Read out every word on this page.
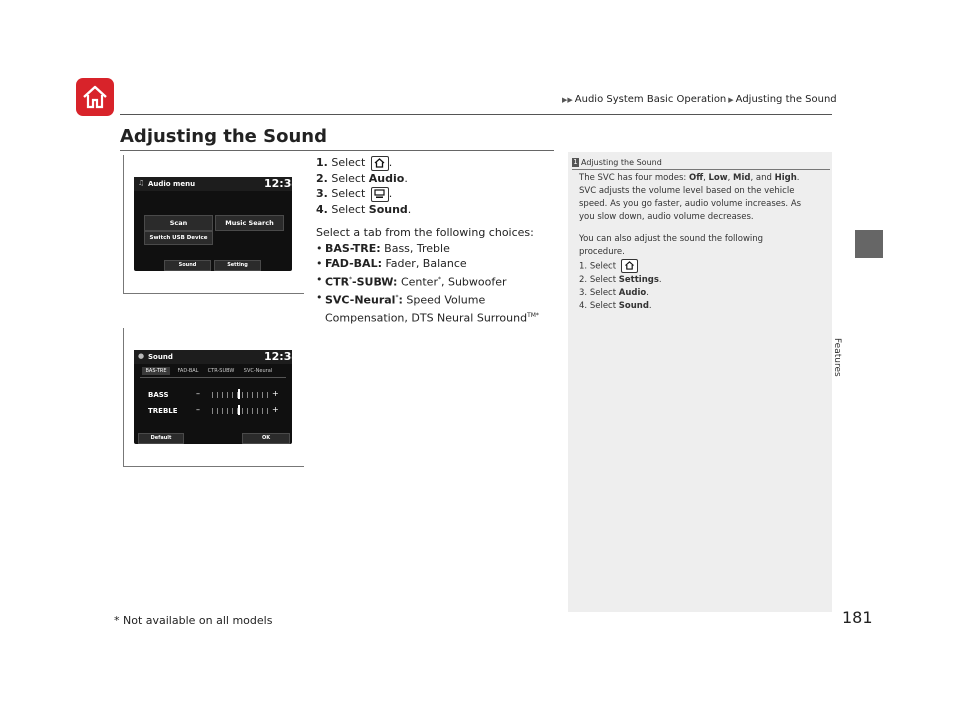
▶▶ Audio System Basic Operation ▶ Adjusting the Sound
Adjusting the Sound
♫ Audio menu	12:34
Scan	Music Search
Switch USB Device
Sound	Setting
● Sound	12:34
BAS-TRE	FAD-BAL	CTR-SUBW	SVC-Neural
BASS	–	+
TREBLE –	+
Default	OK
1. Select .
2. Select Audio.
3. Select .
4. Select Sound.
Select a tab from the following choices:
• BAS-TRE: Bass, Treble
• FAD-BAL: Fader, Balance
• CTR*-SUBW: Center*, Subwoofer
• SVC-Neural*: Speed Volume
Compensation, DTS Neural Surround$^{TM*}$
1 Adjusting the Sound

The SVC has four modes: Off, Low, Mid, and High.

SVC adjusts the volume level based on the vehicle

speed. As you go faster, audio volume increases. As

you slow down, audio volume decreases.

You can also adjust the sound the following

procedure.

1. Select

2. Select Settings.

3. Select Audio.

4. Select Sound.

Features
* Not available on all models	181
